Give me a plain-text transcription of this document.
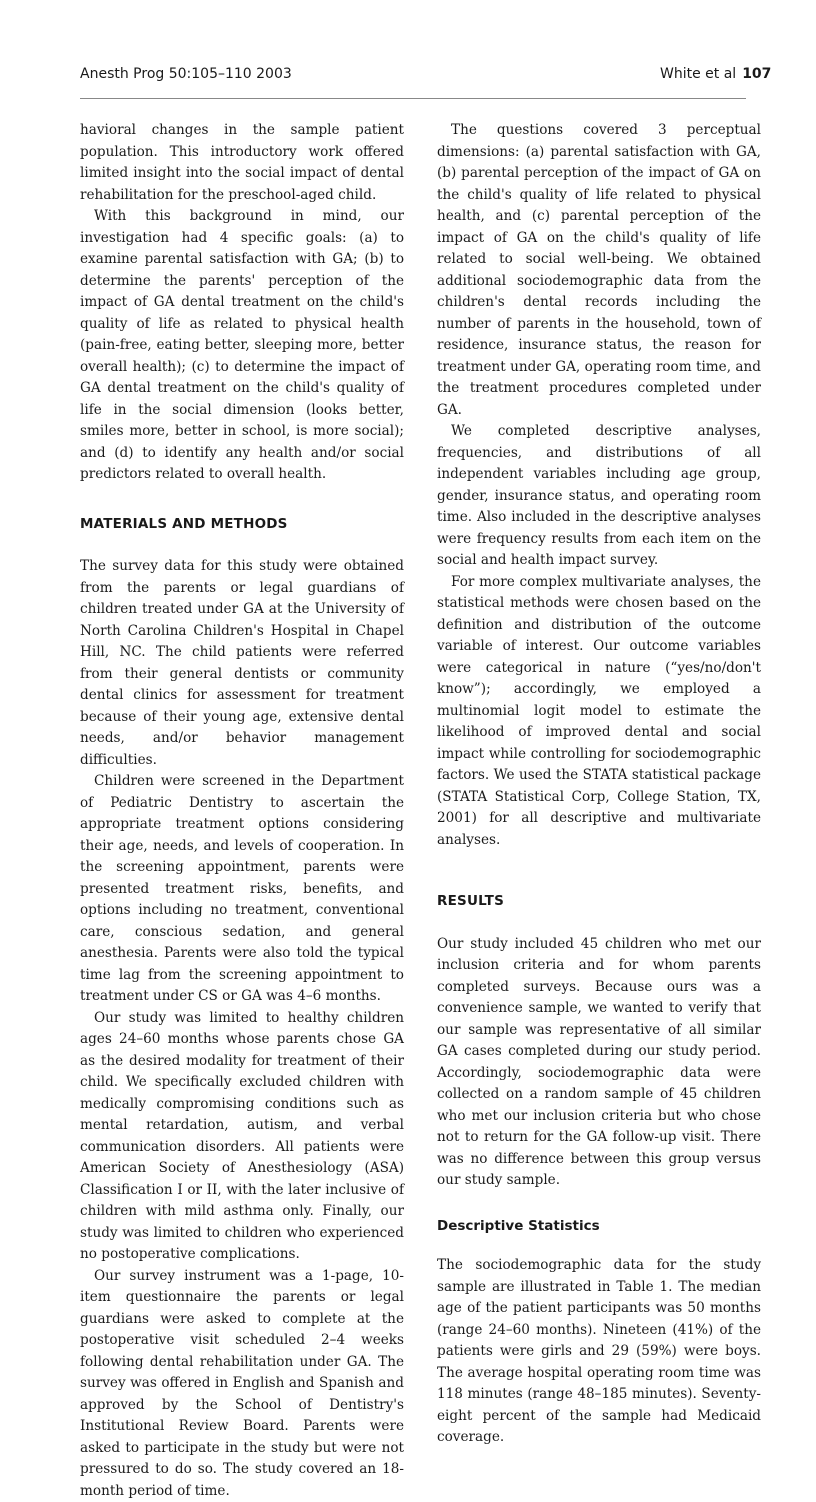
Anesth Prog 50:105–110 2003	White et al 107

havioral changes in the sample patient population. This introductory work offered limited insight into the social impact of dental rehabilitation for the preschool-aged child.

With this background in mind, our investigation had 4 specific goals: (a) to examine parental satisfaction with GA; (b) to determine the parents' perception of the impact of GA dental treatment on the child's quality of life as related to physical health (pain-free, eating better, sleeping more, better overall health); (c) to determine the impact of GA dental treatment on the child's quality of life in the social dimension (looks better, smiles more, better in school, is more social); and (d) to identify any health and/or social predictors related to overall health.

MATERIALS AND METHODS

The survey data for this study were obtained from the parents or legal guardians of children treated under GA at the University of North Carolina Children's Hospital in Chapel Hill, NC. The child patients were referred from their general dentists or community dental clinics for assessment for treatment because of their young age, extensive dental needs, and/or behavior management difficulties.

Children were screened in the Department of Pediatric Dentistry to ascertain the appropriate treatment options considering their age, needs, and levels of cooperation. In the screening appointment, parents were presented treatment risks, benefits, and options including no treatment, conventional care, conscious sedation, and general anesthesia. Parents were also told the typical time lag from the screening appointment to treatment under CS or GA was 4–6 months.

Our study was limited to healthy children ages 24–60 months whose parents chose GA as the desired modality for treatment of their child. We specifically excluded children with medically compromising conditions such as mental retardation, autism, and verbal communication disorders. All patients were American Society of Anesthesiology (ASA) Classification I or II, with the later inclusive of children with mild asthma only. Finally, our study was limited to children who experienced no postoperative complications.

Our survey instrument was a 1-page, 10-item questionnaire the parents or legal guardians were asked to complete at the postoperative visit scheduled 2–4 weeks following dental rehabilitation under GA. The survey was offered in English and Spanish and approved by the School of Dentistry's Institutional Review Board. Parents were asked to participate in the study but were not pressured to do so. The study covered an 18-month period of time.

The questions covered 3 perceptual dimensions: (a) parental satisfaction with GA, (b) parental perception of the impact of GA on the child's quality of life related to physical health, and (c) parental perception of the impact of GA on the child's quality of life related to social well-being. We obtained additional sociodemographic data from the children's dental records including the number of parents in the household, town of residence, insurance status, the reason for treatment under GA, operating room time, and the treatment procedures completed under GA.

We completed descriptive analyses, frequencies, and distributions of all independent variables including age group, gender, insurance status, and operating room time. Also included in the descriptive analyses were frequency results from each item on the social and health impact survey.

For more complex multivariate analyses, the statistical methods were chosen based on the definition and distribution of the outcome variable of interest. Our outcome variables were categorical in nature (“yes/no/don't know”); accordingly, we employed a multinomial logit model to estimate the likelihood of improved dental and social impact while controlling for sociodemographic factors. We used the STATA statistical package (STATA Statistical Corp, College Station, TX, 2001) for all descriptive and multivariate analyses.

RESULTS

Our study included 45 children who met our inclusion criteria and for whom parents completed surveys. Because ours was a convenience sample, we wanted to verify that our sample was representative of all similar GA cases completed during our study period. Accordingly, sociodemographic data were collected on a random sample of 45 children who met our inclusion criteria but who chose not to return for the GA follow-up visit. There was no difference between this group versus our study sample.

Descriptive Statistics

The sociodemographic data for the study sample are illustrated in Table 1. The median age of the patient participants was 50 months (range 24–60 months). Nineteen (41%) of the patients were girls and 29 (59%) were boys. The average hospital operating room time was 118 minutes (range 48–185 minutes). Seventy-eight percent of the sample had Medicaid coverage.
